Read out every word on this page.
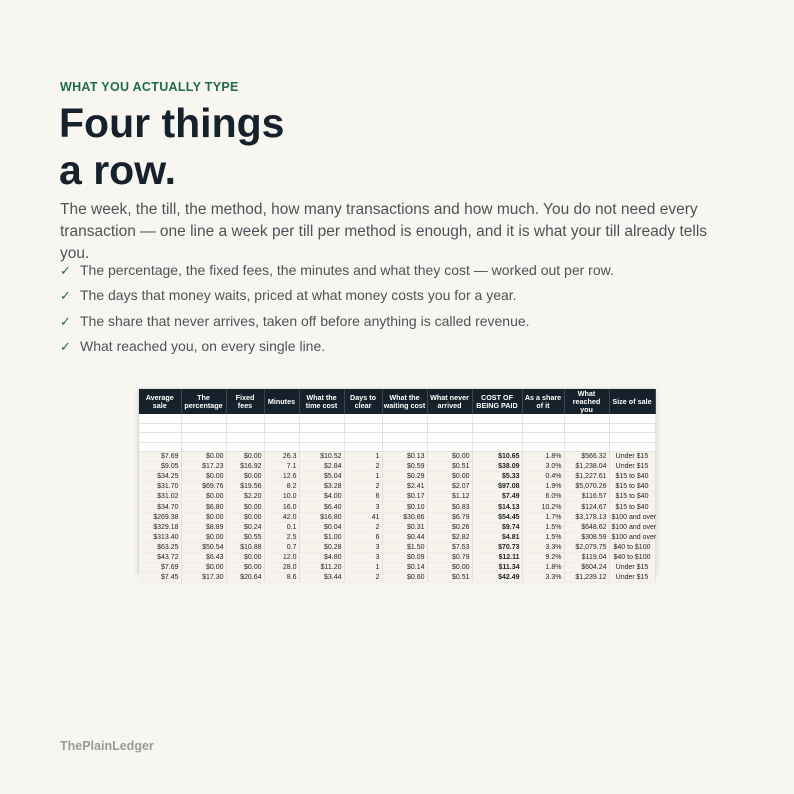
WHAT YOU ACTUALLY TYPE
Four things
a row.

The week, the till, the method, how many transactions and how much. You do not need every transaction — one line a week per till per method is enough, and it is what your till already tells you.

✓ The percentage, the fixed fees, the minutes and what they cost — worked out per row.
✓ The days that money waits, priced at what money costs you for a year.
✓ The share that never arrives, taken off before anything is called revenue.
✓ What reached you, on every single line.

Average sale	The percentage	Fixed fees	Minutes	What the time cost	Days to clear	What the waiting cost	What never arrived	COST OF BEING PAID	As a share of it	What reached you	Size of sale
$7.69	$0.00	$0.00	26.3	$10.52	1	$0.13	$0.00	$10.65	1.8%	$566.32	Under $15
$9.05	$17.23	$16.92	7.1	$2.84	2	$0.59	$0.51	$38.09	3.0%	$1,238.04	Under $15
$34.25	$0.00	$0.00	12.6	$5.04	1	$0.29	$0.00	$5.33	0.4%	$1,227.61	$15 to $40
$31.70	$69.76	$19.56	8.2	$3.28	2	$2.41	$2.07	$97.08	1.9%	$5,070.26	$15 to $40
$31.02	$0.00	$2.20	10.0	$4.00	6	$0.17	$1.12	$7.49	6.0%	$116.57	$15 to $40
$34.70	$6.80	$0.00	16.0	$6.40	3	$0.10	$0.83	$14.13	10.2%	$124.67	$15 to $40
$269.38	$0.00	$0.00	42.0	$16.80	41	$30.86	$6.79	$54.45	1.7%	$3,178.13	$100 and over
$329.18	$8.89	$0.24	0.1	$0.04	2	$0.31	$0.26	$9.74	1.5%	$648.62	$100 and over
$313.40	$0.00	$0.55	2.5	$1.00	6	$0.44	$2.82	$4.81	1.5%	$308.59	$100 and over
$63.25	$50.54	$10.88	0.7	$0.28	3	$1.50	$7.53	$70.73	3.3%	$2,079.75	$40 to $100
$43.72	$6.43	$0.00	12.0	$4.80	3	$0.09	$0.79	$12.11	9.2%	$119.04	$40 to $100
$7.69	$0.00	$0.00	28.0	$11.20	1	$0.14	$0.00	$11.34	1.8%	$604.24	Under $15
$7.45	$17.30	$20.64	8.6	$3.44	2	$0.60	$0.51	$42.49	3.3%	$1,239.12	Under $15
ThePlainLedger
